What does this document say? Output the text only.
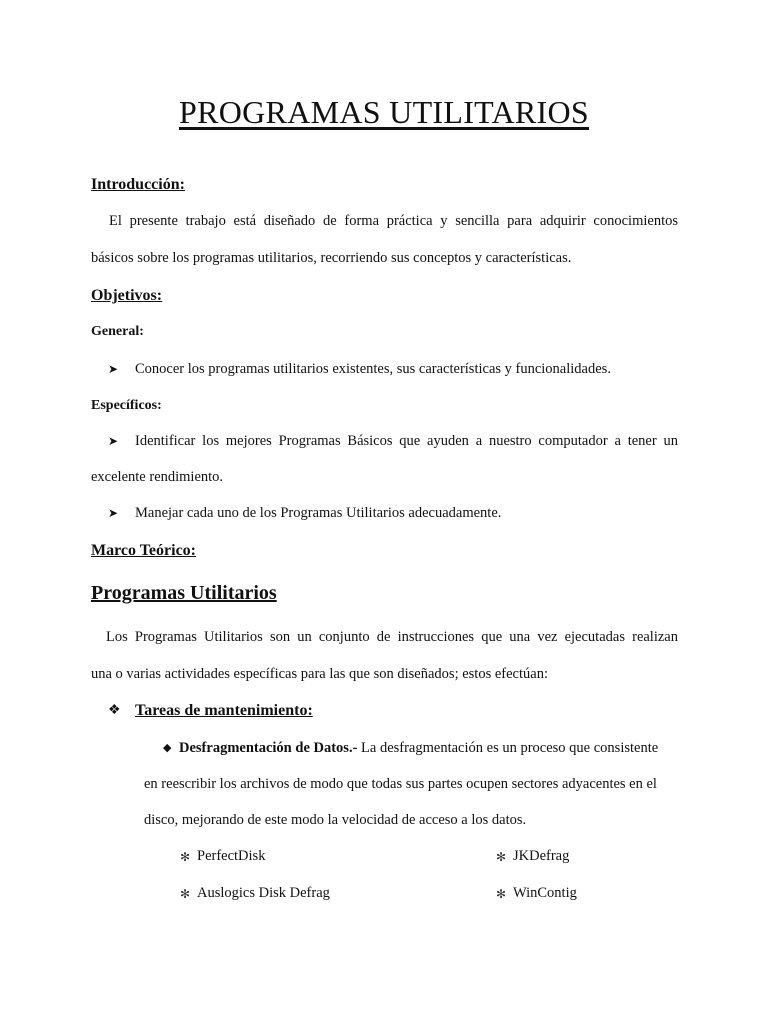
PROGRAMAS UTILITARIOS
Introducción:
El presente trabajo está diseñado de forma práctica y sencilla para adquirir conocimientos
básicos sobre los programas utilitarios, recorriendo sus conceptos y características.
Objetivos:
General:
➤ Conocer los programas utilitarios existentes, sus características y funcionalidades.
Específicos:
➤ Identificar los mejores Programas Básicos que ayuden a nuestro computador a tener un
excelente rendimiento.
➤ Manejar cada uno de los Programas Utilitarios adecuadamente.
Marco Teórico:
Programas Utilitarios
Los Programas Utilitarios son un conjunto de instrucciones que una vez ejecutadas realizan
una o varias actividades específicas para las que son diseñados; estos efectúan:
❖ Tareas de mantenimiento:
◆ Desfragmentación de Datos.- La desfragmentación es un proceso que consistente
en reescribir los archivos de modo que todas sus partes ocupen sectores adyacentes en el
disco, mejorando de este modo la velocidad de acceso a los datos.
✻ PerfectDisk	✻ JKDefrag
✻ Auslogics Disk Defrag	✻ WinContig
